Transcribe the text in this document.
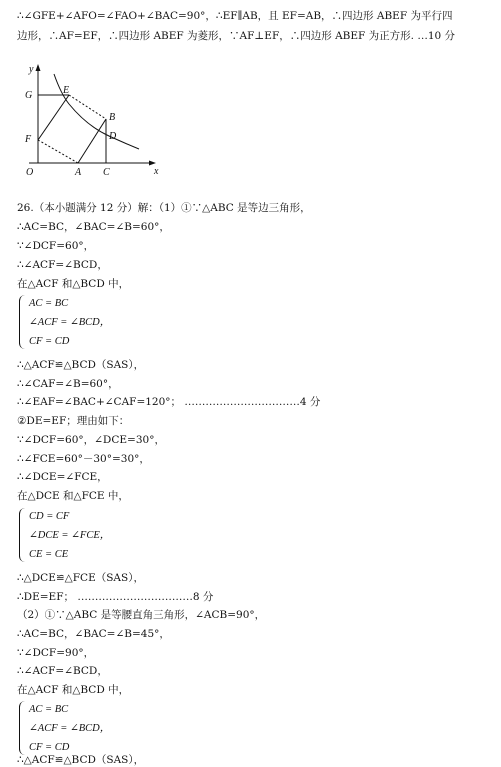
∴∠GFE+∠AFO=∠FAO+∠BAC=90°，∴EF∥AB，且 EF=AB，∴四边形 ABEF 为平行四
边形，∴AF=EF，∴四边形 ABEF 为菱形，∵AF⊥EF，∴四边形 ABEF 为正方形. …10 分
y
x
O	A C
G	E
F
B
D
26.（本小题满分 12 分）解：（1）①∵△ABC 是等边三角形，
∴AC=BC，∠BAC=∠B=60°，
∵∠DCF=60°，
∴∠ACF=∠BCD，
在△ACF 和△BCD 中，
AC = BC
∠ACF = ∠BCD，
CF = CD
∴△ACF≌△BCD（SAS），
∴∠CAF=∠B=60°，
∴∠EAF=∠BAC+∠CAF=120°； ……………………………4 分
②DE=EF；理由如下：
∵∠DCF=60°，∠DCE=30°，
∴∠FCE=60°－30°=30°，
∴∠DCE=∠FCE，
在△DCE 和△FCE 中，
CD = CF
∠DCE = ∠FCE，
CE = CE
∴△DCE≌△FCE（SAS），
∴DE=EF； ……………………………8 分
（2）①∵△ABC 是等腰直角三角形，∠ACB=90°，
∴AC=BC，∠BAC=∠B=45°，
∵∠DCF=90°，
∴∠ACF=∠BCD，
在△ACF 和△BCD 中，
AC = BC
∠ACF = ∠BCD，
CF = CD
∴△ACF≌△BCD（SAS），
